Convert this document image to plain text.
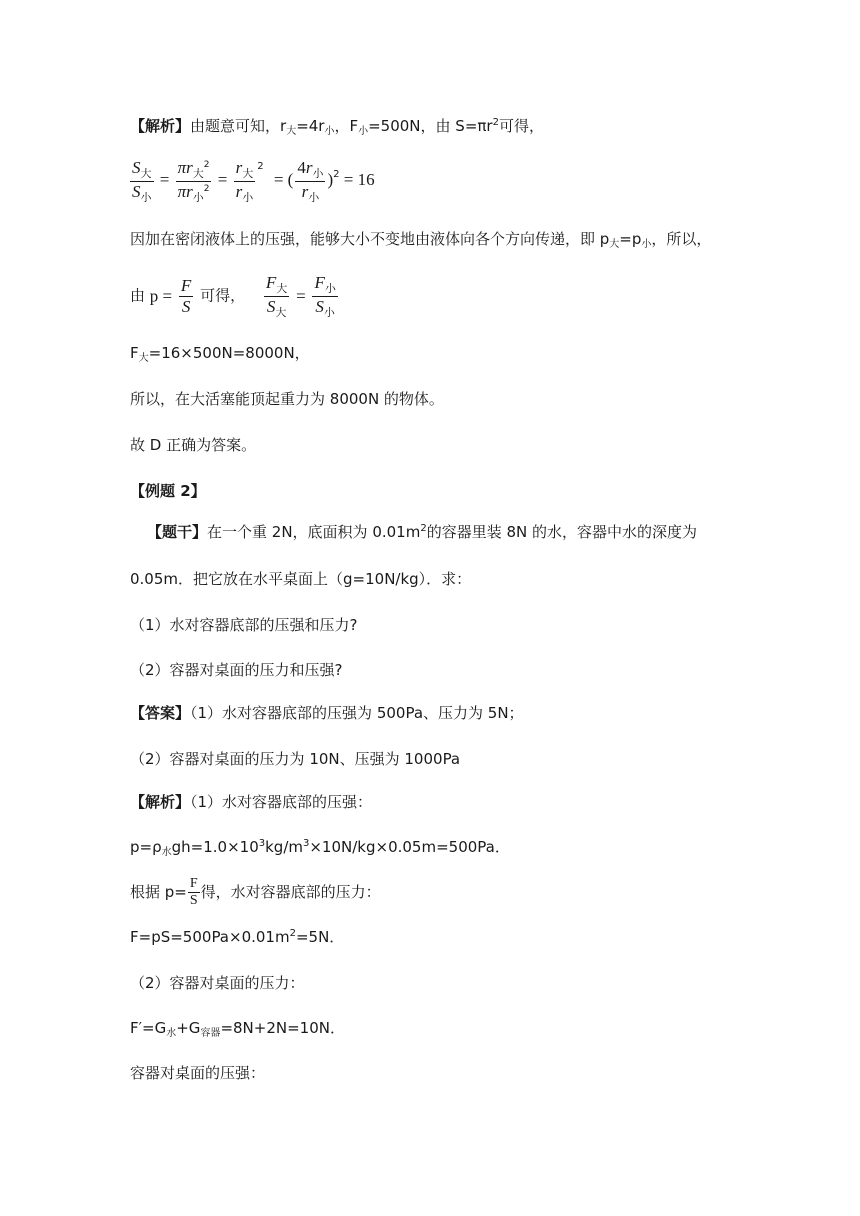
【解析】由题意可知，$r_大=4r_小$，$F_小=500N$，由 $S=\pi r^2$可得，
$\frac{S_大}{S_小} = \frac{\pi r_大^2}{\pi r_小^2} = \frac{r_大}{r_小} ^2$ = ( $\frac{4r_小}{r_小} )^2 = 16$
因加在密闭液体上的压强，能够大小不变地由液体向各个方向传递，即 $p_大=p_小$，所以，
由 $p = \frac{F}{S}$ 可得， $\frac{F_大}{S_大} = \frac{F_小}{S_小}$
$F_大=16\times 500N=8000N$，
所以，在大活塞能顶起重力为 8000N 的物体。
故 D 正确为答案。
【例题 2】
【题干】在一个重 2N，底面积为 $0.01m^2$的容器里装 8N 的水，容器中水的深度为
0.05m．把它放在水平桌面上（g=10N/kg）．求：
（1）水对容器底部的压强和压力?
（2）容器对桌面的压力和压强?
【答案】（1）水对容器底部的压强为 500Pa、压力为 5N；
（2）容器对桌面的压力为 10N、压强为 1000Pa
【解析】（1）水对容器底部的压强：
$p=\rho_水gh=1.0\times 10^3kg/m^3\times 10N/kg\times 0.05m=500Pa$．
根据 $p= \frac{F}{S}$ 得，水对容器底部的压力：
$F=pS=500Pa\times 0.01m^2=5N$．
（2）容器对桌面的压力：
$F'=G_水+G_{容器}=8N+2N=10N$．
容器对桌面的压强：
